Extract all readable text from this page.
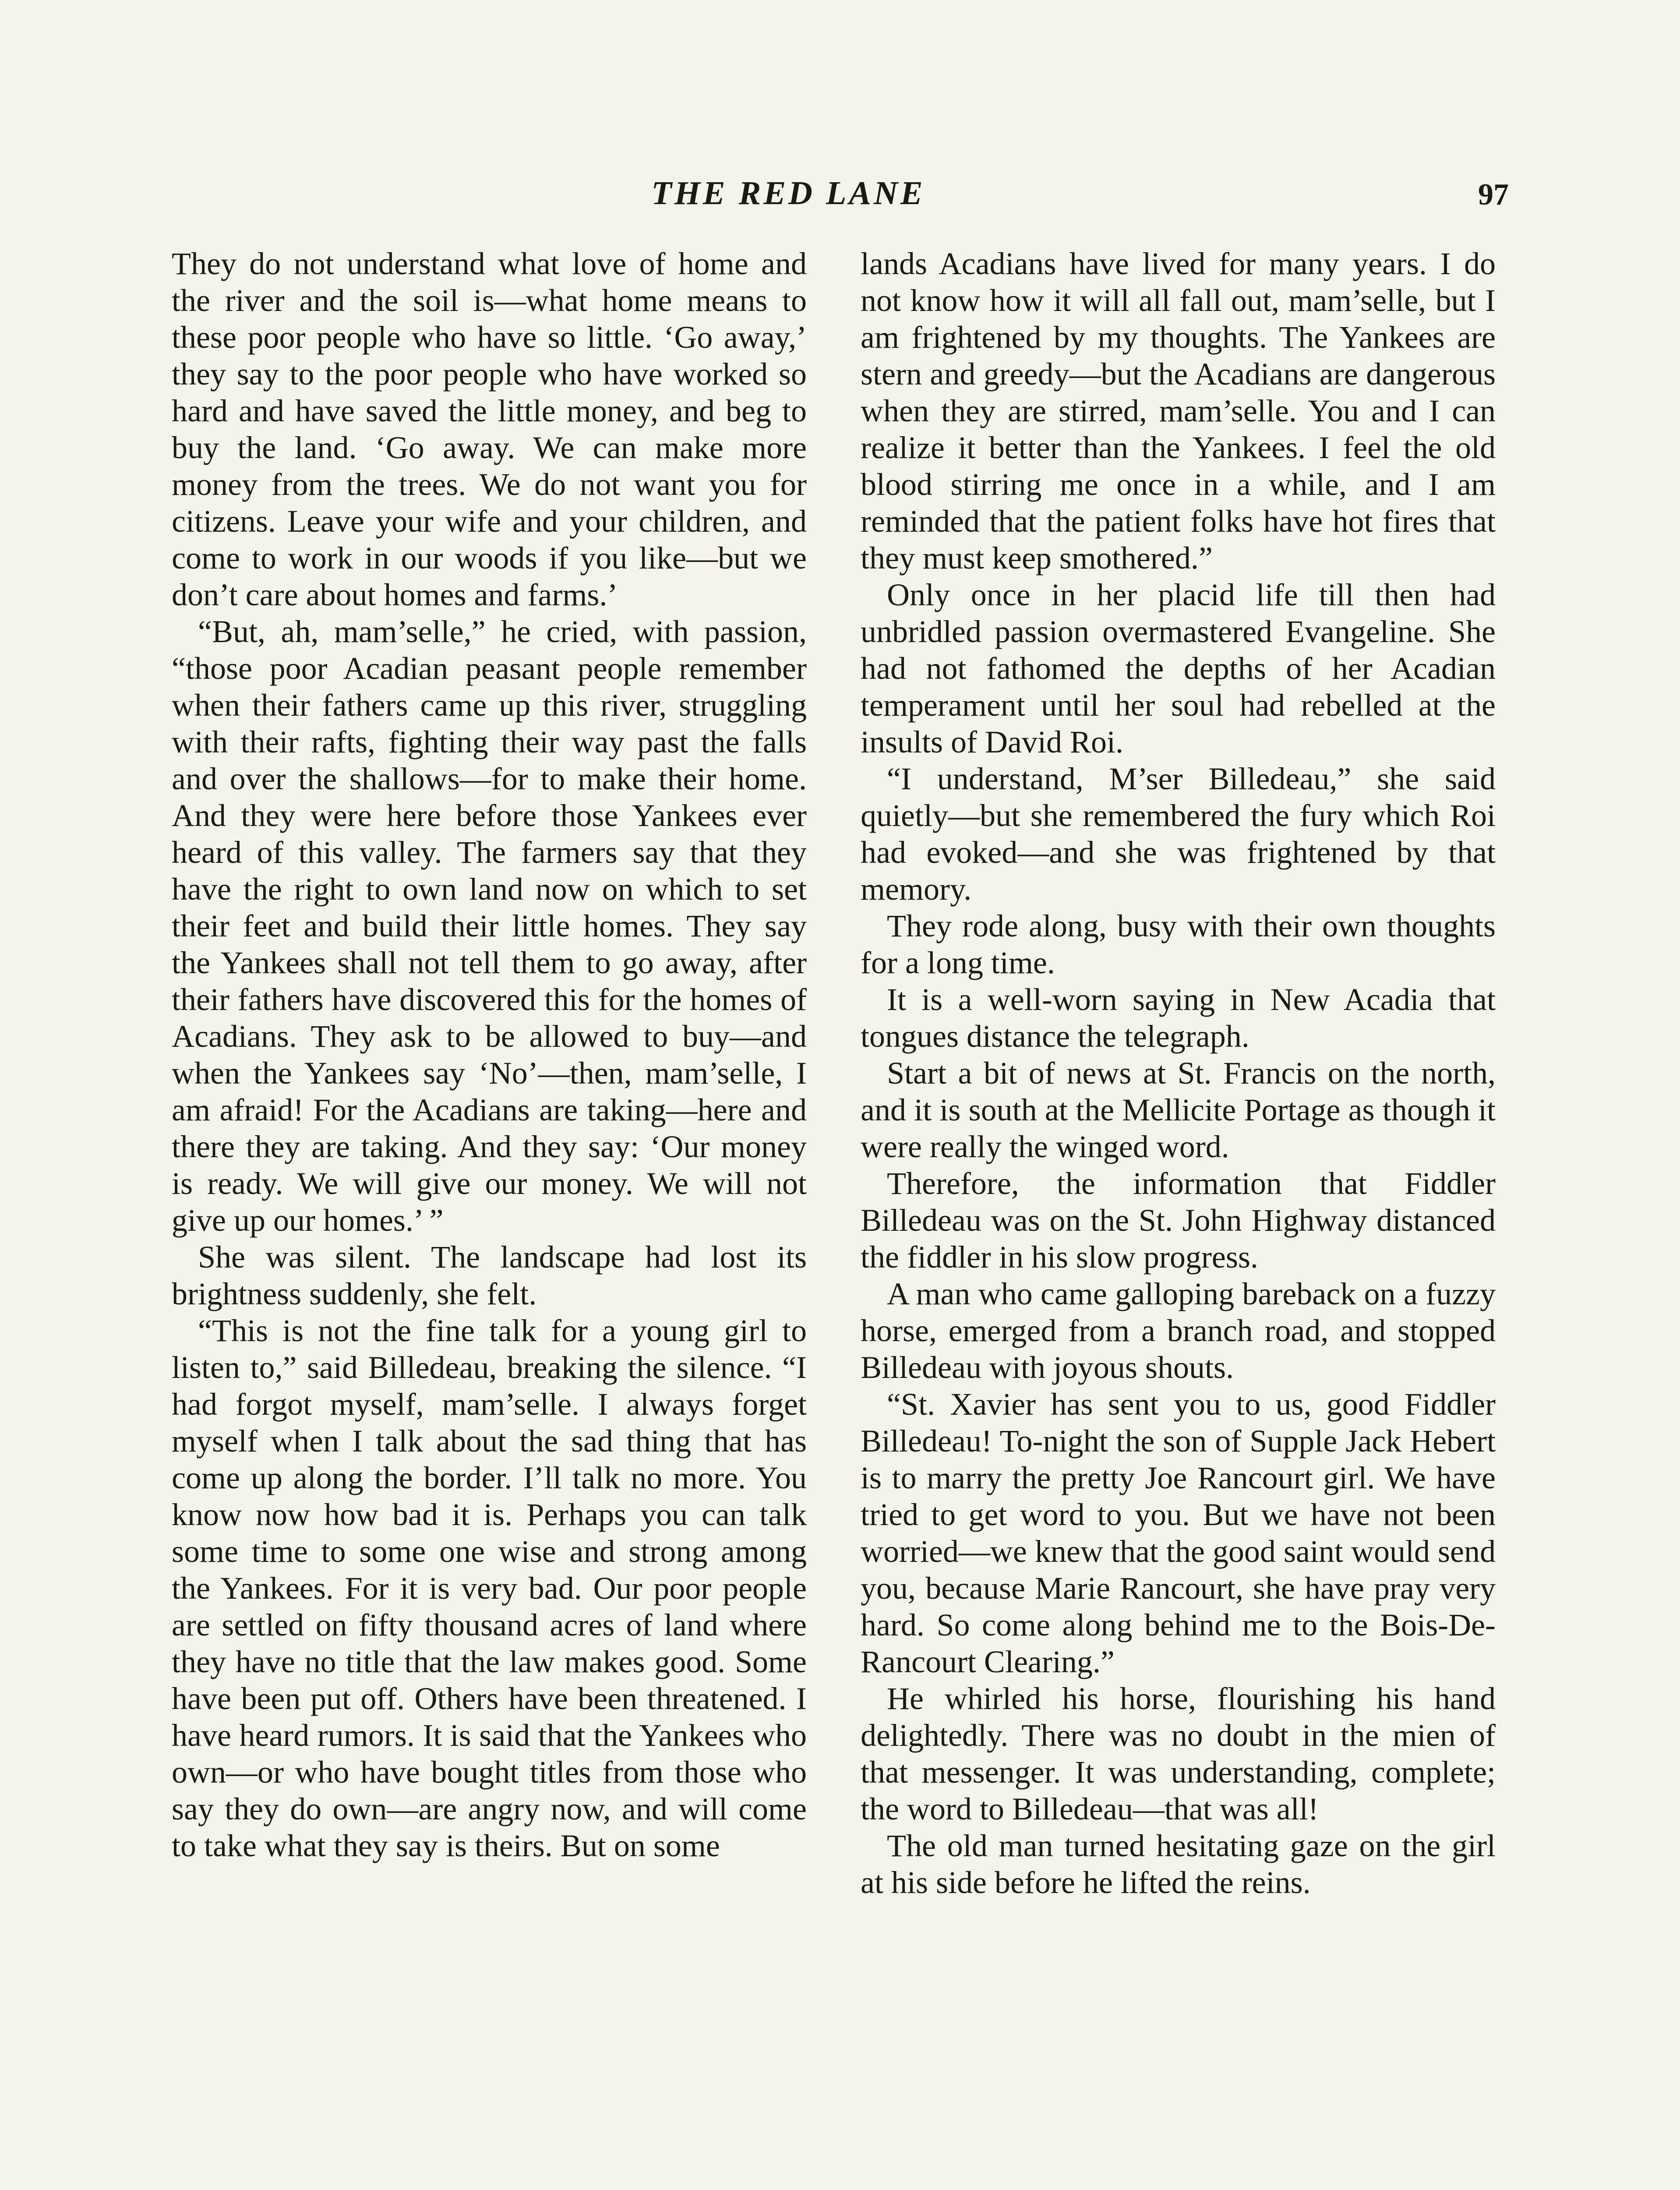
THE RED LANE	97

They do not understand what love of home and the river and the soil is—what home means to these poor people who have so little. ‘Go away,’ they say to the poor people who have worked so hard and have saved the little money, and beg to buy the land. ‘Go away. We can make more money from the trees. We do not want you for citizens. Leave your wife and your children, and come to work in our woods if you like—but we don’t care about homes and farms.’

“But, ah, mam’selle,” he cried, with passion, “those poor Acadian peasant people remember when their fathers came up this river, struggling with their rafts, fighting their way past the falls and over the shallows—for to make their home. And they were here before those Yankees ever heard of this valley. The farmers say that they have the right to own land now on which to set their feet and build their little homes. They say the Yankees shall not tell them to go away, after their fathers have discovered this for the homes of Acadians. They ask to be allowed to buy—and when the Yankees say ‘No’—then, mam’selle, I am afraid! For the Acadians are taking—here and there they are taking. And they say: ‘Our money is ready. We will give our money. We will not give up our homes.’ ”

She was silent. The landscape had lost its brightness suddenly, she felt.

“This is not the fine talk for a young girl to listen to,” said Billedeau, breaking the silence. “I had forgot myself, mam’selle. I always forget myself when I talk about the sad thing that has come up along the border. I’ll talk no more. You know now how bad it is. Perhaps you can talk some time to some one wise and strong among the Yankees. For it is very bad. Our poor people are settled on fifty thousand acres of land where they have no title that the law makes good. Some have been put off. Others have been threatened. I have heard rumors. It is said that the Yankees who own—or who have bought titles from those who say they do own—are angry now, and will come to take what they say is theirs. But on some

lands Acadians have lived for many years. I do not know how it will all fall out, mam’selle, but I am frightened by my thoughts. The Yankees are stern and greedy—but the Acadians are dangerous when they are stirred, mam’selle. You and I can realize it better than the Yankees. I feel the old blood stirring me once in a while, and I am reminded that the patient folks have hot fires that they must keep smothered.”

Only once in her placid life till then had unbridled passion overmastered Evangeline. She had not fathomed the depths of her Acadian temperament until her soul had rebelled at the insults of David Roi.

“I understand, M’ser Billedeau,” she said quietly—but she remembered the fury which Roi had evoked—and she was frightened by that memory.

They rode along, busy with their own thoughts for a long time.

It is a well-worn saying in New Acadia that tongues distance the telegraph.

Start a bit of news at St. Francis on the north, and it is south at the Mellicite Portage as though it were really the winged word.

Therefore, the information that Fiddler Billedeau was on the St. John Highway distanced the fiddler in his slow progress.

A man who came galloping bareback on a fuzzy horse, emerged from a branch road, and stopped Billedeau with joyous shouts.

“St. Xavier has sent you to us, good Fiddler Billedeau! To-night the son of Supple Jack Hebert is to marry the pretty Joe Rancourt girl. We have tried to get word to you. But we have not been worried—we knew that the good saint would send you, because Marie Rancourt, she have pray very hard. So come along behind me to the Bois-De-Rancourt Clearing.”

He whirled his horse, flourishing his hand delightedly. There was no doubt in the mien of that messenger. It was understanding, complete; the word to Billedeau—that was all!

The old man turned hesitating gaze on the girl at his side before he lifted the reins.
